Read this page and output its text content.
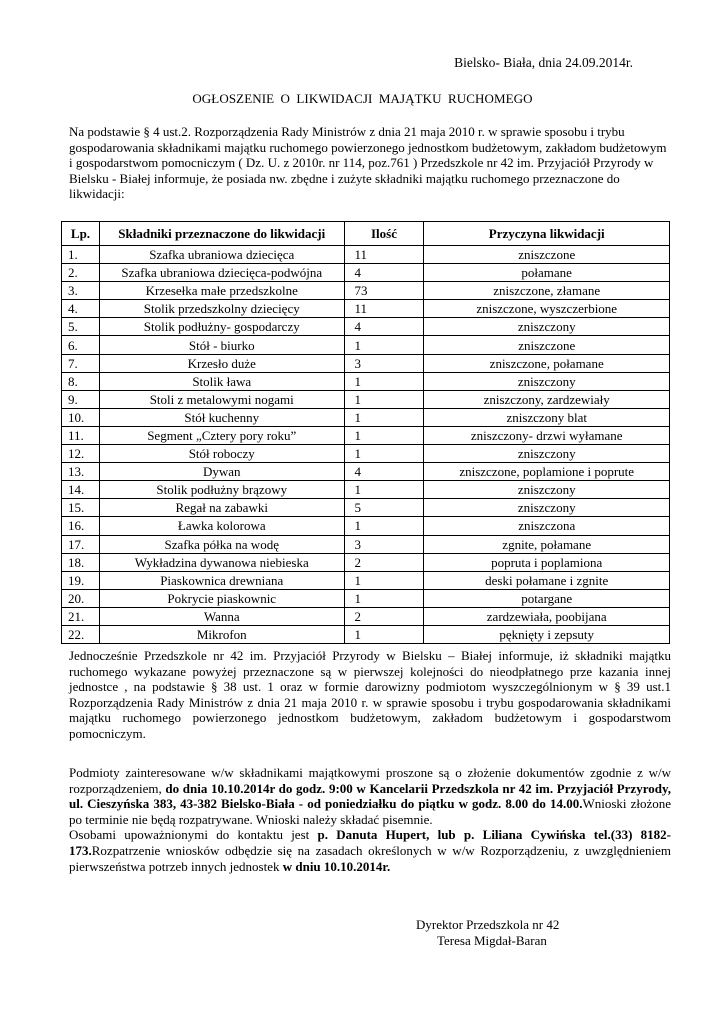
Bielsko- Biała, dnia 24.09.2014r.
OGŁOSZENIE O LIKWIDACJI MAJĄTKU RUCHOMEGO

Na podstawie § 4 ust.2. Rozporządzenia Rady Ministrów z dnia 21 maja 2010 r. w sprawie sposobu i trybu gospodarowania składnikami majątku ruchomego powierzonego jednostkom budżetowym, zakładom budżetowym i gospodarstwom pomocniczym ( Dz. U. z 2010r. nr 114, poz.761 ) Przedszkole nr 42 im. Przyjaciół Przyrody w Bielsku - Białej informuje, że posiada nw. zbędne i zużyte składniki majątku ruchomego przeznaczone do likwidacji:

Lp.	Składniki przeznaczone do likwidacji	Ilość	Przyczyna likwidacji
1.	Szafka ubraniowa dziecięca	11	zniszczone
2.	Szafka ubraniowa dziecięca-podwójna	4	połamane
3.	Krzesełka małe przedszkolne	73	zniszczone, złamane
4.	Stolik przedszkolny dziecięcy	11	zniszczone, wyszczerbione
5.	Stolik podłużny- gospodarczy	4	zniszczony
6.	Stół - biurko	1	zniszczone
7.	Krzesło duże	3	zniszczone, połamane
8.	Stolik ława	1	zniszczony
9.	Stoli z metalowymi nogami	1	zniszczony, zardzewiały
10.	Stół kuchenny	1	zniszczony blat
11.	Segment „Cztery pory roku”	1	zniszczony- drzwi wyłamane
12.	Stół roboczy	1	zniszczony
13.	Dywan	4	zniszczone, poplamione i poprute
14.	Stolik podłużny brązowy	1	zniszczony
15.	Regał na zabawki	5	zniszczony
16.	Ławka kolorowa	1	zniszczona
17.	Szafka półka na wodę	3	zgnite, połamane
18.	Wykładzina dywanowa niebieska	2	popruta i poplamiona
19.	Piaskownica drewniana	1	deski połamane i zgnite
20.	Pokrycie piaskownic	1	potargane
21.	Wanna	2	zardzewiała, poobijana
22.	Mikrofon	1	pęknięty i zepsuty

Jednocześnie Przedszkole nr 42 im. Przyjaciół Przyrody w Bielsku – Białej informuje, iż składniki majątku ruchomego wykazane powyżej przeznaczone są w pierwszej kolejności do nieodpłatnego prze kazania innej jednostce , na podstawie § 38 ust. 1 oraz w formie darowizny podmiotom wyszczególnionym w § 39 ust.1 Rozporządzenia Rady Ministrów z dnia 21 maja 2010 r. w sprawie sposobu i trybu gospodarowania składnikami majątku ruchomego powierzonego jednostkom budżetowym, zakładom budżetowym i gospodarstwom pomocniczym.

Podmioty zainteresowane w/w składnikami majątkowymi proszone są o złożenie dokumentów zgodnie z w/w rozporządzeniem, do dnia 10.10.2014r do godz. 9:00 w Kancelarii Przedszkola nr 42 im. Przyjaciół Przyrody, ul. Cieszyńska 383, 43-382 Bielsko-Biała - od poniedziałku do piątku w godz. 8.00 do 14.00.Wnioski złożone po terminie nie będą rozpatrywane. Wnioski należy składać pisemnie.

Osobami upoważnionymi do kontaktu jest p. Danuta Hupert, lub p. Liliana Cywińska tel.(33) 8182-173.Rozpatrzenie wniosków odbędzie się na zasadach określonych w w/w Rozporządzeniu, z uwzględnieniem pierwszeństwa potrzeb innych jednostek w dniu 10.10.2014r.

Dyrektor Przedszkola nr 42
Teresa Migdał-Baran
